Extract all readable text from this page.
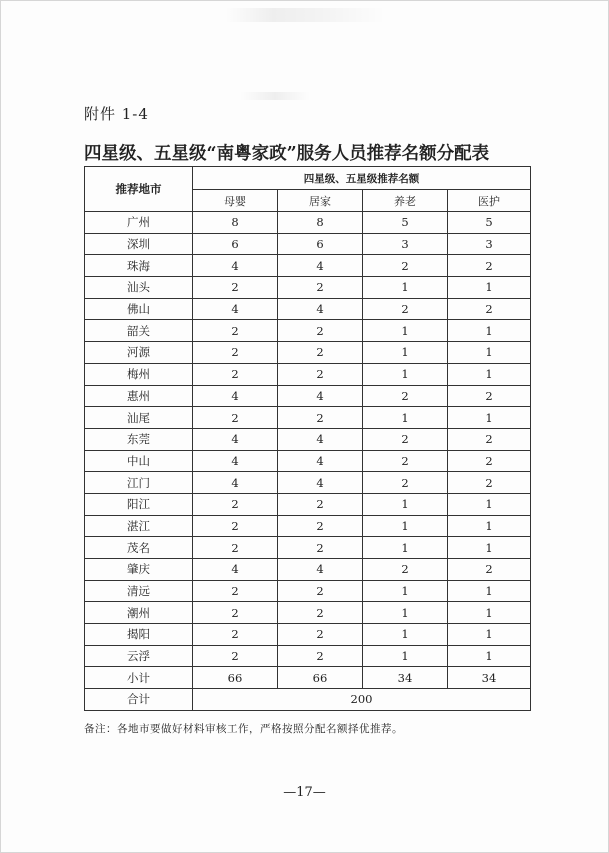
附件 1-4
四星级、五星级“南粤家政”服务人员推荐名额分配表
推荐地市	四星级、五星级推荐名额			
	母婴	居家	养老	医护
广州	8	8	5	5
深圳	6	6	3	3
珠海	4	4	2	2
汕头	2	2	1	1
佛山	4	4	2	2
韶关	2	2	1	1
河源	2	2	1	1
梅州	2	2	1	1
惠州	4	4	2	2
汕尾	2	2	1	1
东莞	4	4	2	2
中山	4	4	2	2
江门	4	4	2	2
阳江	2	2	1	1
湛江	2	2	1	1
茂名	2	2	1	1
肇庆	4	4	2	2
清远	2	2	1	1
潮州	2	2	1	1
揭阳	2	2	1	1
云浮	2	2	1	1
小计	66	66	34	34
合计	200			
备注：各地市要做好材料审核工作，严格按照分配名额择优推荐。
—17—
